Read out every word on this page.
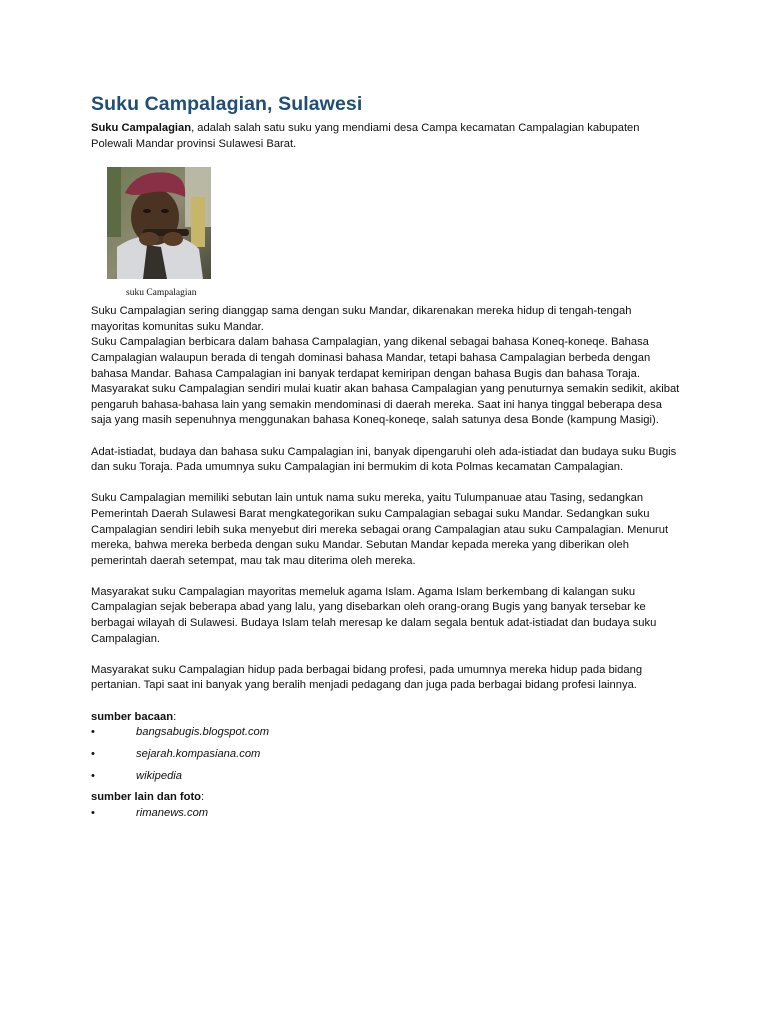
Suku Campalagian, Sulawesi

Suku Campalagian, adalah salah satu suku yang mendiami desa Campa kecamatan Campalagian kabupaten Polewali Mandar provinsi Sulawesi Barat.

suku Campalagian

Suku Campalagian sering dianggap sama dengan suku Mandar, dikarenakan mereka hidup di tengah-tengah mayoritas komunitas suku Mandar.

Suku Campalagian berbicara dalam bahasa Campalagian, yang dikenal sebagai bahasa Koneq-koneqe. Bahasa Campalagian walaupun berada di tengah dominasi bahasa Mandar, tetapi bahasa Campalagian berbeda dengan bahasa Mandar. Bahasa Campalagian ini banyak terdapat kemiripan dengan bahasa Bugis dan bahasa Toraja.

Masyarakat suku Campalagian sendiri mulai kuatir akan bahasa Campalagian yang penuturnya semakin sedikit, akibat pengaruh bahasa-bahasa lain yang semakin mendominasi di daerah mereka. Saat ini hanya tinggal beberapa desa saja yang masih sepenuhnya menggunakan bahasa Koneq-koneqe, salah satunya desa Bonde (kampung Masigi).

Adat-istiadat, budaya dan bahasa suku Campalagian ini, banyak dipengaruhi oleh ada-istiadat dan budaya suku Bugis dan suku Toraja. Pada umumnya suku Campalagian ini bermukim di kota Polmas kecamatan Campalagian.

Suku Campalagian memiliki sebutan lain untuk nama suku mereka, yaitu Tulumpanuae atau Tasing, sedangkan Pemerintah Daerah Sulawesi Barat mengkategorikan suku Campalagian sebagai suku Mandar. Sedangkan suku Campalagian sendiri lebih suka menyebut diri mereka sebagai orang Campalagian atau suku Campalagian. Menurut mereka, bahwa mereka berbeda dengan suku Mandar. Sebutan Mandar kepada mereka yang diberikan oleh pemerintah daerah setempat, mau tak mau diterima oleh mereka.

Masyarakat suku Campalagian mayoritas memeluk agama Islam. Agama Islam berkembang di kalangan suku Campalagian sejak beberapa abad yang lalu, yang disebarkan oleh orang-orang Bugis yang banyak tersebar ke berbagai wilayah di Sulawesi. Budaya Islam telah meresap ke dalam segala bentuk adat-istiadat dan budaya suku Campalagian.

Masyarakat suku Campalagian hidup pada berbagai bidang profesi, pada umumnya mereka hidup pada bidang pertanian. Tapi saat ini banyak yang beralih menjadi pedagang dan juga pada berbagai bidang profesi lainnya.

sumber bacaan:
•	bangsabugis.blogspot.com
•	sejarah.kompasiana.com
•	wikipedia
sumber lain dan foto:
•	rimanews.com
